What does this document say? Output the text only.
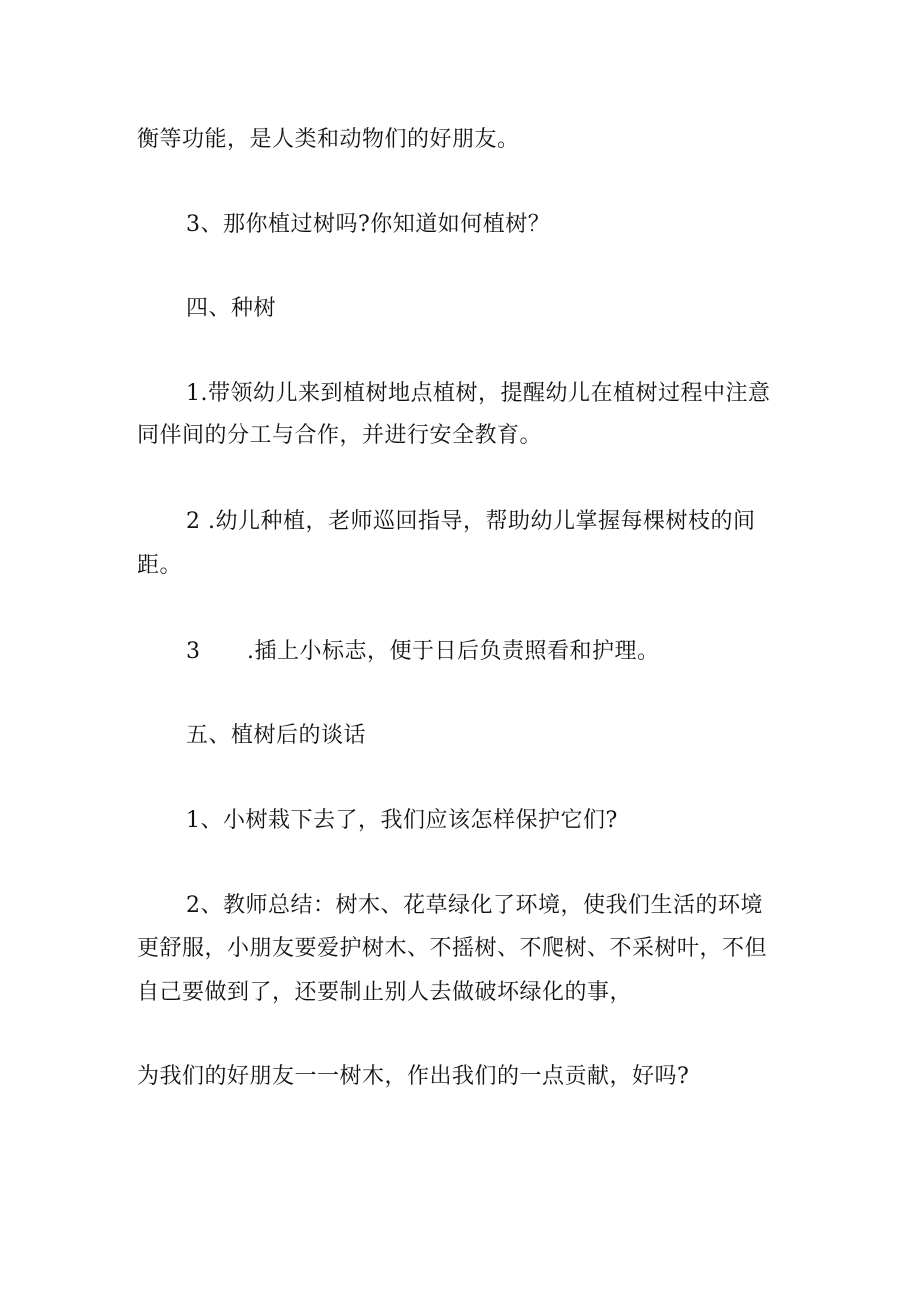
衡等功能，是人类和动物们的好朋友。
3、那你植过树吗?你知道如何植树？
四、种树
1.带领幼儿来到植树地点植树，提醒幼儿在植树过程中注意
同伴间的分工与合作，并进行安全教育。
2 .幼儿种植，老师巡回指导，帮助幼儿掌握每棵树枝的间
距。
3 .插上小标志，便于日后负责照看和护理。
五、植树后的谈话
1、小树栽下去了，我们应该怎样保护它们?
2、教师总结：树木、花草绿化了环境，使我们生活的环境
更舒服，小朋友要爱护树木、不摇树、不爬树、不采树叶，不但
自己要做到了，还要制止别人去做破坏绿化的事，
为我们的好朋友一一树木，作出我们的一点贡献，好吗?
